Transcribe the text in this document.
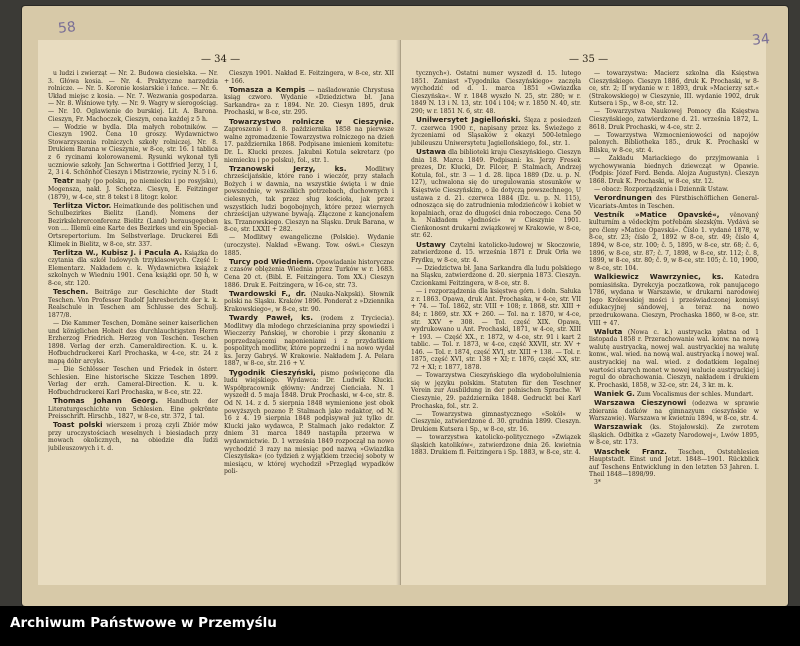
— 34 —

u ludzi i zwierząt — Nr. 2. Budowa ciesielska. — Nr. 3. Główa kosia. — Nr. 4. Praktyczne narzędzia rolnicze. — Nr. 5. Koronie kosiarskie i łańce. — Nr. 6. Układ miejsc z kosia. — Nr. 7. Wezwania gospodarza. — Nr. 8. Wiśniowe tyły. — Nr. 9. Wagry w sierogościąg. — Nr. 10. Oglawienie do burskiej. Lit. A. Barona. Cieszyn, Fr. Machoczek, Cieszyn, cena każdej z 5 h.

— Wodzie w bydla. Dla małych robotników. — Cieszyn 1902. Cena 10 groszy. Wydawnictwo Stowarzyszenia rolniczych szkoły rolniczej. Nr. 8. Drukiem Barana w Cieszynie, w 8-ce, str. 16. 1 tablica z 6 rycinami kolorowanemi. Rysunki wykonał tyłi uczniowie szkoły. Jan Schwertna i Gottfried Jerzy, 1 I, 2, 3 i 4. Schönhof Cieszyn i Mistrzowie, ryciny N. 5 i 6.

Teatr mały (po polsku, po niemiecku i po rosyjsku), Mogensza, nakł. J. Schotza. Ciesyn, E. Feitzinger (1879), w 4-ce, str. 8 tekst i 8 litogr. kolor.

Terlitza Victor. Heimatkunde des politischen und Schulbezirkes Bielitz (Land). Nomens der Bezirkslehrerconferenz Bielitz (Land) herausgegeben von .... Illemü eine Karte des Bezirkes und ein Special-Ortsrepertorium. Im Selbstverlage. Druckerei Edi Klimek in Bielitz, w 8-ce, str. 337.

Terlitza W., Kubisz J. i Pacula A. Książka do czytania dla szkół ludowych trzyklasowych. Część I: Elementarz. Nakładem c. k. Wydawnictwa książek szkolnych w Wiedniu 1901. Cena książki opr. 50 h, w 8-ce, str. 120.

Teschen. Beiträge zur Geschichte der Stadt Teschen. Von Professor Rudolf Jahresbericht der k. k. Realschule in Teschen am Schlusse des Schulj. 1877/8.

— Die Kammer Teschen, Domäne seiner kaiserlichen und königlichen Hoheit des durchlauchtigsten Herrn Erzherzog Friedrich. Herzog von Teschen. Teschen 1898. Verlag der erzh. Cameraldirection. K. u. k. Hofbuchdruckerei Karl Prochaska, w 4-ce, str. 24 z mapą dóbr arcyks.

— Die Schlösser Teschen und Friedek in österr. Schlesien. Eine historische Skizze Teschen 1899. Verlag der erzh. Cameral-Direction. K. u. k. Hofbuchdruckerei Karl Prochaska, w 8-ce, str. 22.

Thomas Johann Georg. Handbuch der Literaturgeschichte von Schlesien. Eine gekrönte Preisschrift. Hirschb., 1827, w 8-ce, str. 372, 1 tal.

Toast polski wierszem i prozą czyli Zbiór mów przy uroczystościach weselnych i biesiadach przy mowach okolicznych, na obiedzie dla ludzi jubileuszowych i t. d.

Cieszyn 1901. Nakład E. Feitzingera, w 8-ce, str. XII + 166.

Tomasza a Kempis — naśladowanie Chrystusa ksiąg czworo. Wydanie »Dziedzictwa bł. Jana Sarkandra« za r. 1894. Nr. 20. Ciesyn 1895, druk Prochaski, w 8-ce, str. 295.

Towarzystwo rolnicze w Cieszynie. Zaproszenie i d. 8. października 1858 na pierwsze walne zgromadzenie Towarzystwa rolniczego na dzień 17. października 1868. Podpisane imieniem komitetu: Dr. L. Klucki prezes. Jakubni Kotula sekretarz (po niemiecku i po polsku), fol., str. 1.

Trzanowski Jerzy, ks.	Modlitwy chrześcijańskie, które rano i wieczór, przy stałach Bożych i w dawnia, na wszystkie święta i w dnie powszednie, w wszelkich potrzebach, duchownych i cielesnych, tak przez sług kościoła, jak przez wszystkich ludzi bogobojnych, które przez wiernych chrześcijan używane bywają. Złączone z kancjonałem ks. Trzanowskiego. Cieszyn na Sląsku. Druk Barana, w 8-ce, str. LXXII + 282.

— Modlitwy ewangeliczne (Polskie). Wydanie (uroczyste). Nakład »Ewang. Tow. oświ.« Cieszyn 1885.

Turcy pod Wiedniem. Opowiadanie historyczne z czasów oblężenia Wiednia przez Turków w r. 1683. Cena 20 ct. (Bibl. E. Feitzingera. Tom XX.) Cieszyn 1886. Druk E. Feitzingera, w 16-ce, str. 73.

Twardowski F., dr. (Nauka-Nakpski). Słownik polski na Sląsku. Kraków 1896. Ponderat z »Dziennika Krakowskiego«, w 8-ce, str. 90.

Twardy Paweł, ks. (rodem z Tryciecia). Modlitwy dla młodego chrześcianina przy spowiedzi i Wieczerzy Pańskiej, w chorobie i przy śkonaniu z poprzedzającemi naponieniami i z przydatkiem pospolitych modlitw, które poprzedni i na nowo wydał ks. Jerzy Gabryś. W Krakowie. Nakładem J. A. Pelara 1887, w 8-ce, str. 216 + V.

Tygodnik Cieszyński, pismo poświęcone dla ludu wiejskiego. Wydawca: Dr. Ludwik Klucki. Współpracownik główny: Andrzej Cieńciała. N. 1 wyszedł d. 5 maja 1848. Druk Prochaski, w 4-ce, str. 8. Od N. 14. z d. 5 sierpnia 1848 wymienione jest obok powyższych pozeno P. Stalmach jako redaktor, od N. 16 z 4. 19 sierpnia 1848 podpisywał już tylko dr. Klucki jako wydawca, P. Stalmach jako redaktor. Z dniem 31 marca 1849 nastąpiła przerwa w wydawnictwie. D. 1 września 1849 rozpoczął na nowo wychodzić 3 razy na miesiąc pod nazwą »Gwiazdka Cieszyńska« (co tydzień z wyjątkiem trzeciej soboty w miesiącu, w której wychodził »Przegląd wypadków poli-

— 35 —

tycznych«). Ostatni numer wyszedł d. 15. lutego 1851. Zamiast »Tygodnika Cieszyńskiego« zaczęła wychodzić od d. 1. marca 1851 »Gwiazdka Cieszyńska«. W r. 1848 wyszło N. 25, str. 280; w r. 1849 N. 13 i N. 13, str. 104 i 104; w r. 1850 N. 40, str. 290; w r. 1851 N. 6, str. 48.

Unilwersytet Jagielloński. Ślęza z posiedzeń 7. czerwca 1900 r., napisany przez ks. Świeżego z życzeniami od Sląsaków z okazyi 500-letniego jubileuszu Uniwersytetu Jagiellońskiego, fol., str. 1.

Ustawa dla biblioteki kraju Cieszyńskiego. Cieszyn dnia 18. Marca 1849. Podpisani: ks. Jerzy Fresek prezes, Dr. Klucki, Dr. Filcer, P. Stalmach, Andrzej Kotula, fol., str. 3 — 1 d. 28. lipca 1889 (Dz. u. p. N. 127), uchwalona się do uregulowania stosunków w Księstwie Cieszyńskim, o ile dotyczą powszechnego, U ustawa z d. 21. czerwca 1884 (Dz. u. p. N. 115), odnosząca się do zatrudnienia młodzieńców i kobiet w kopalniach, oraz do długości dnia roboczego. Cena 50 h. Nakładem »Jedności« w Cieszynie 1901. Cieńkonosnt drukarni związkowej w Krakowie, w 8-ce, str. 62.

Ustawy Czytelni katolicko-ludowej w Skoczowie, zatwierdzone d. 15. września 1871 r. Druk Orła we Frydku, w 8-ce, str. 4.

— Dziedzictwa bł. Jana Sarkandra dla ludu polskiego na Sląsku, zatwierdzone d. 20. sierpnia 1873. Cieszyn. Czcionkami Feitzingera, w 8-ce, str. 8.

— i rozporządzenia dla księstwa górn. i doln. Sałuka z r. 1863. Opawa, druk Ant. Prochaska, w 4-ce, str. VII + 74. — Tol. 1862, str. VIII + 108; r. 1868, str. XIII + 84; r. 1869, str. XX + 260. — Tol. na r. 1870, w 4-ce, str. XXV + 308. — Tol. część XIX. Opawa, wydrukowano u Ant. Prochaski, 1871, w 4-ce, str. XIII + 193. — Część XX., r. 1872, w 4-ce, str. 91 i kart 2 tablic. — Tol. r. 1873, w 4-ce, część XXVII, str. XV + 146. — Tol. r. 1874, część XVI, str. XIII + 138. — Tol. r. 1875, część XVI, str. 138 + XI; r. 1876, część XX, str. 72 + XI; r. 1877, 1878.

— Towarzystwa Cieszyńskiego dla wydobolulnienia się w języku polskim. Statuten für den Teschner Verein zur Ausbildung in der polnischen Sprache. W Cieszynie, 29. października 1848. Gedruckt bei Karl Prochaska, fol., str. 2.

— Towarzystwa gimnastycznego »Sokół« w Cieszynie, zatwierdzone d. 30. grudnia 1899. Cieszyn. Drukiem Kutsera i Sp., w 8-ce, str. 16.

— towarzystwa katolicko-politycznego »Związek śląskich katolików«, zatwierdzone dnia 26. kwietnia 1883. Drukiem fl. Feitzingera i Sp. 1883, w 8-ce, str. 4.

— towarzystwa: Macierz szkolna dla Księstwa Cieszyńskiego. Cieszyn 1886, druk K. Prochaski, w 8-ce, str. 2; II wydanie w r. 1893, druk »Macierzy szt.« (Strakowskiego) w Cieszynie, III. wydanie 1902, druk Kutsera i Sp., w 8-ce, str. 12.

— Towarzystwa Naukowej Pomocy dla Księstwa Cieszyńskiego, zatwierdzone d. 21. września 1872, L. 8618. Druk Prochaski, w 4-ce, str. 2.

— Towarzystwa Wzmocnieniowości od napojów palonych. Bibliotheka 185., druk K. Prochaski w Bilsku, w 8-ce, str. 4.

— Zakładu Mariackiego do przyjmowania i wychowywania biednych dziewcząt w Opawie. (Podpis: Józef Ferd. Benda. Alojza Augustyn). Cieszyn 1868. Druk K. Prochaski, w 8-ce, str. 12.

— obacz: Rozporządzenia i Dziennik Ustaw.

Verordnungen des Fürstbischöflichen General-Vicariats-Amtes in Teschen.

Vestník »Matice Opavské«, věnovaný kulturním a vědeckým potřebám slezským. Vydává se pro členy »Matice Opavská«. Číslo 1. vydané 1878, w 8-ce, str. 23; číslo 2, 1892 w 8-ce, str. 49; číslo 4, 1894, w 8-ce, str. 100; č. 5, 1895, w 8-ce, str. 68; č. 6, 1896, w 8-ce, str. 87; č. 7, 1898, w 8-ce, str. 112; č. 8, 1899, w 8-ce, str. 80; č. 9, w 8-ce, str. 105; č. 10, 1900, w 8-ce, str. 104.

Walkiewicz Wawrzyniec, ks. Katedra pomiasińska. Dyrekcyja poczatkowa, rok panującego 1786, wydana w Warszawie, w drukarni narodowej Jego Królewskiej mości i przeświadczonej komisyi edukacyjnej sándowej, a teraz na nowo przedrukowana. Cieszyn, Prochaska 1860, w 8-ce, str. VIII + 47.

Waluta (Nowa c. k.) austryacka płatna od 1 listopada 1858 r. Przerachowanie wal. konw. na nową walutę austryacką, nowej wal. austryackiej na walutę konw., wal. wied. na nową wal. austryacką i nowej wal. austryackiej na wal. wied. z dodatkiem legalnej wartości starych monet w nowej walucie austryackiej i regul do obrachowania. Cieszyn, nakładem i drukiem K. Prochaski, 1858, w 32-ce, str. 24, 3 kr. m. k.

Waniek G. Zum Vocalismus der schles. Mundart.

Warszawa Cieszynowi (odezwa w sprawie zbierania datków na gimnazyum cieszyńskie w Warszawie). Warszawa w kwietniu 1894, w 8-ce, str. 4.

Warszawiak (ks. Stojałowski). Ze zwrotem śląskich. Odbitka z »Gazety Narodowej«, Lwów 1895, w 8-ce, str. 173.

Waschek Franz. Teschen, Oststehlesien Hauptstadt. Einst und Jetzt. 1848—1901. Rückblick auf Teschens Entwicklung in den letzten 53 Jahren. I. Theil 1848—1898/99.

3*

58
34
Archiwum Państwowe w Przemyślu
